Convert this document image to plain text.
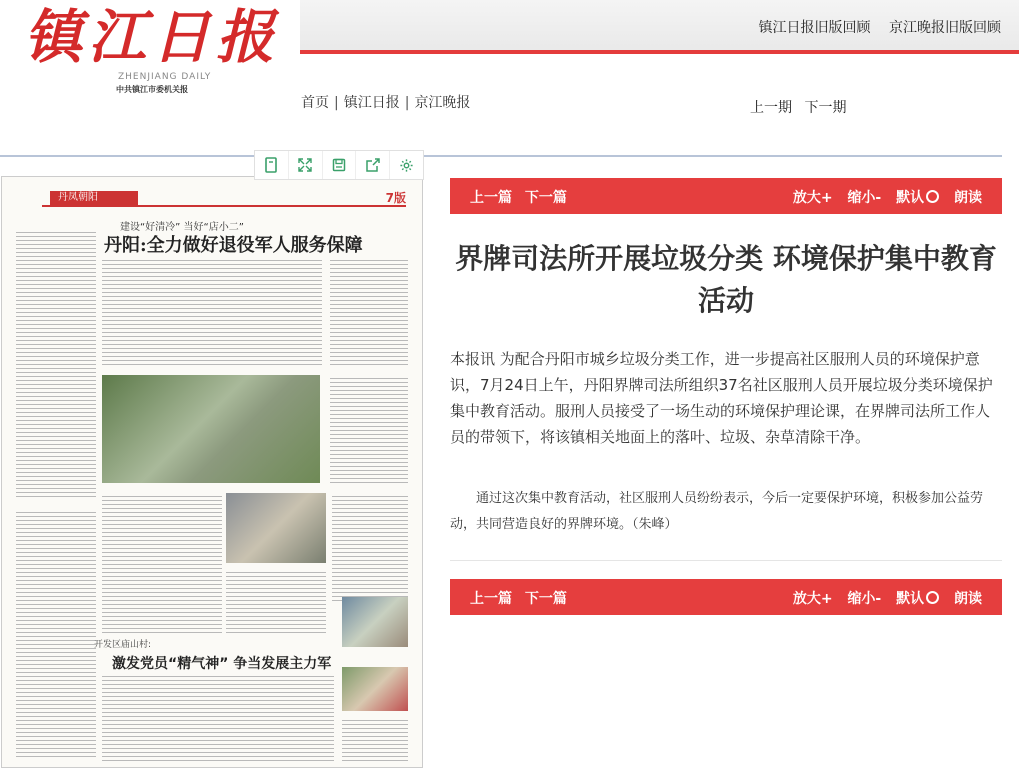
镇江日报
ZHENJIANG DAILY
中共镇江市委机关报
镇江日报旧版回顾 京江晚报旧版回顾
首页 | 镇江日报 | 京江晚报	上一期 下一期
丹凤朝阳	7版
建设“好清冷” 当好“店小二”
丹阳:全力做好退役军人服务保障
开发区庙山村:
激发党员“精气神” 争当发展主力军
上一篇 下一篇	放大+ 缩小- 默认 朗读
界牌司法所开展垃圾分类 环境保护集中教育活动
本报讯 为配合丹阳市城乡垃圾分类工作，进一步提高社区服刑人员的环境保护意识，7月24日上午，丹阳界牌司法所组织37名社区服刑人员开展垃圾分类环境保护集中教育活动。服刑人员接受了一场生动的环境保护理论课，在界牌司法所工作人员的带领下，将该镇相关地面上的落叶、垃圾、杂草清除干净。
通过这次集中教育活动，社区服刑人员纷纷表示，今后一定要保护环境，积极参加公益劳动，共同营造良好的界牌环境。（朱峰）
上一篇 下一篇	放大+ 缩小- 默认 朗读
